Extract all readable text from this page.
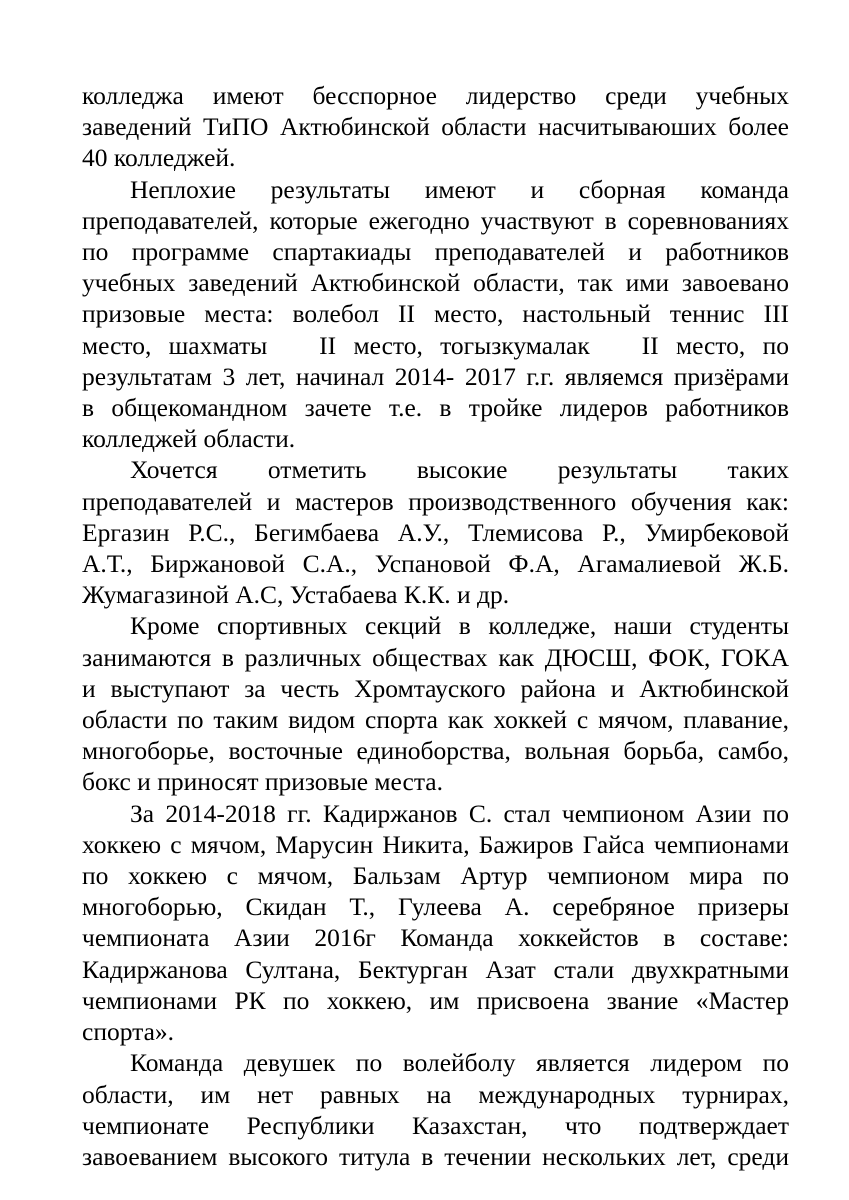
колледжа имеют бесспорное лидерство среди учебных
заведений ТиПО Актюбинской области насчитываюших более
40 колледжей.
Неплохие результаты имеют и сборная команда
преподавателей, которые ежегодно участвуют в соревнованиях
по программе спартакиады преподавателей и работников
учебных заведений Актюбинской области, так ими завоевано
призовые места: волебол II место, настольный теннис III
место, шахматы   II место, тогызкумалак   II место, по
результатам 3 лет, начинал 2014- 2017 г.г. являемся призёрами
в общекомандном зачете т.е. в тройке лидеров работников
колледжей области.
Хочется отметить высокие результаты таких
преподавателей и мастеров производственного обучения как:
Ергазин Р.С., Бегимбаева А.У., Тлемисова Р., Умирбековой
А.Т., Биржановой С.А., Успановой Ф.А, Агамалиевой Ж.Б.
Жумагазиной А.С, Устабаева К.К. и др.
Кроме спортивных секций в колледже, наши студенты
занимаются в различных обществах как ДЮСШ, ФОК, ГОКА
и выступают за честь Хромтауского района и Актюбинской
области по таким видом спорта как хоккей с мячом, плавание,
многоборье, восточные единоборства, вольная борьба, самбо,
бокс и приносят призовые места.
За 2014-2018 гг. Кадиржанов С. стал чемпионом Азии по
хоккею с мячом, Марусин Никита, Бажиров Гайса чемпионами
по хоккею с мячом, Бальзам Артур чемпионом мира по
многоборью, Скидан Т., Гулеева А. серебряное призеры
чемпионата Азии 2016г Команда хоккейстов в составе:
Кадиржанова Султана, Бектурган Азат стали двухкратными
чемпионами РК по хоккею, им присвоена звание «Мастер
спорта».
Команда девушек по волейболу является лидером по
области, им нет равных на международных турнирах,
чемпионате Республики Казахстан, что подтверждает
завоеванием высокого титула в течении нескольких лет, среди
